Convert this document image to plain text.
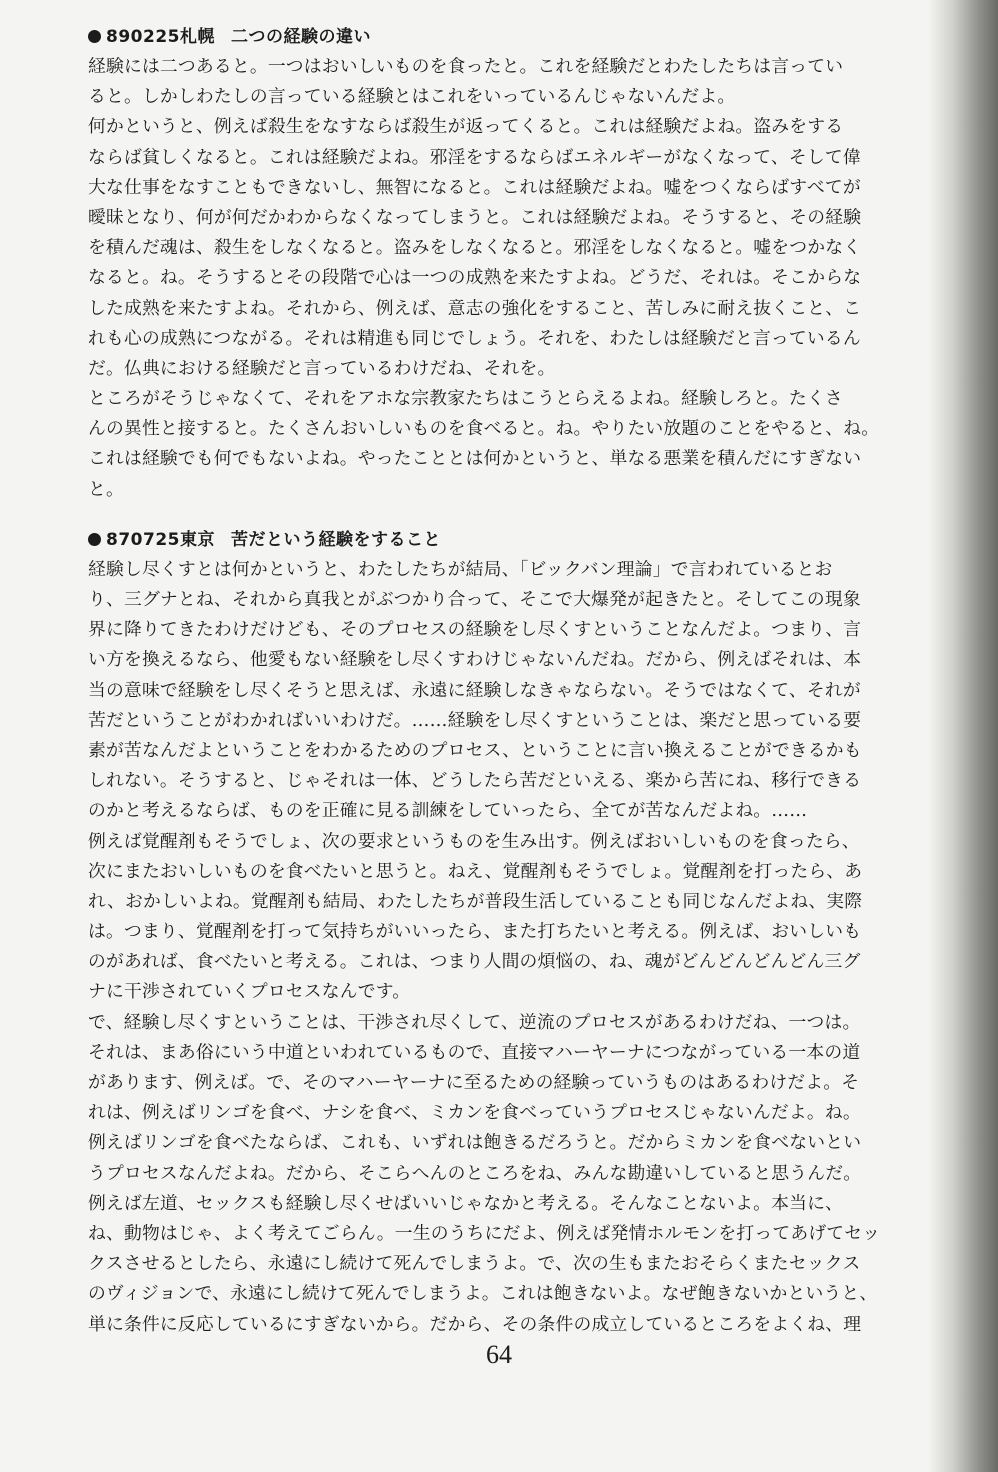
890225札幌 二つの経験の違い
経験には二つあると。一つはおいしいものを食ったと。これを経験だとわたしたちは言ってい
ると。しかしわたしの言っている経験とはこれをいっているんじゃないんだよ。
何かというと、例えば殺生をなすならば殺生が返ってくると。これは経験だよね。盗みをする
ならば貧しくなると。これは経験だよね。邪淫をするならばエネルギーがなくなって、そして偉
大な仕事をなすこともできないし、無智になると。これは経験だよね。嘘をつくならばすべてが
曖昧となり、何が何だかわからなくなってしまうと。これは経験だよね。そうすると、その経験
を積んだ魂は、殺生をしなくなると。盗みをしなくなると。邪淫をしなくなると。嘘をつかなく
なると。ね。そうするとその段階で心は一つの成熟を来たすよね。どうだ、それは。そこからな
した成熟を来たすよね。それから、例えば、意志の強化をすること、苦しみに耐え抜くこと、こ
れも心の成熟につながる。それは精進も同じでしょう。それを、わたしは経験だと言っているん
だ。仏典における経験だと言っているわけだね、それを。
ところがそうじゃなくて、それをアホな宗教家たちはこうとらえるよね。経験しろと。たくさ
んの異性と接すると。たくさんおいしいものを食べると。ね。やりたい放題のことをやると、ね。
これは経験でも何でもないよね。やったこととは何かというと、単なる悪業を積んだにすぎない
と。
870725東京 苦だという経験をすること
経験し尽くすとは何かというと、わたしたちが結局、「ビックバン理論」で言われているとお
り、三グナとね、それから真我とがぶつかり合って、そこで大爆発が起きたと。そしてこの現象
界に降りてきたわけだけども、そのプロセスの経験をし尽くすということなんだよ。つまり、言
い方を換えるなら、他愛もない経験をし尽くすわけじゃないんだね。だから、例えばそれは、本
当の意味で経験をし尽くそうと思えば、永遠に経験しなきゃならない。そうではなくて、それが
苦だということがわかればいいわけだ。……経験をし尽くすということは、楽だと思っている要
素が苦なんだよということをわかるためのプロセス、ということに言い換えることができるかも
しれない。そうすると、じゃそれは一体、どうしたら苦だといえる、楽から苦にね、移行できる
のかと考えるならば、ものを正確に見る訓練をしていったら、全てが苦なんだよね。……
例えば覚醒剤もそうでしょ、次の要求というものを生み出す。例えばおいしいものを食ったら、
次にまたおいしいものを食べたいと思うと。ねえ、覚醒剤もそうでしょ。覚醒剤を打ったら、あ
れ、おかしいよね。覚醒剤も結局、わたしたちが普段生活していることも同じなんだよね、実際
は。つまり、覚醒剤を打って気持ちがいいったら、また打ちたいと考える。例えば、おいしいも
のがあれば、食べたいと考える。これは、つまり人間の煩悩の、ね、魂がどんどんどんどん三グ
ナに干渉されていくプロセスなんです。
で、経験し尽くすということは、干渉され尽くして、逆流のプロセスがあるわけだね、一つは。
それは、まあ俗にいう中道といわれているもので、直接マハーヤーナにつながっている一本の道
があります、例えば。で、そのマハーヤーナに至るための経験っていうものはあるわけだよ。そ
れは、例えばリンゴを食べ、ナシを食べ、ミカンを食べっていうプロセスじゃないんだよ。ね。
例えばリンゴを食べたならば、これも、いずれは飽きるだろうと。だからミカンを食べないとい
うプロセスなんだよね。だから、そこらへんのところをね、みんな勘違いしていると思うんだ。
例えば左道、セックスも経験し尽くせばいいじゃなかと考える。そんなことないよ。本当に、
ね、動物はじゃ、よく考えてごらん。一生のうちにだよ、例えば発情ホルモンを打ってあげてセッ
クスさせるとしたら、永遠にし続けて死んでしまうよ。で、次の生もまたおそらくまたセックス
のヴィジョンで、永遠にし続けて死んでしまうよ。これは飽きないよ。なぜ飽きないかというと、
単に条件に反応しているにすぎないから。だから、その条件の成立しているところをよくね、理
64
